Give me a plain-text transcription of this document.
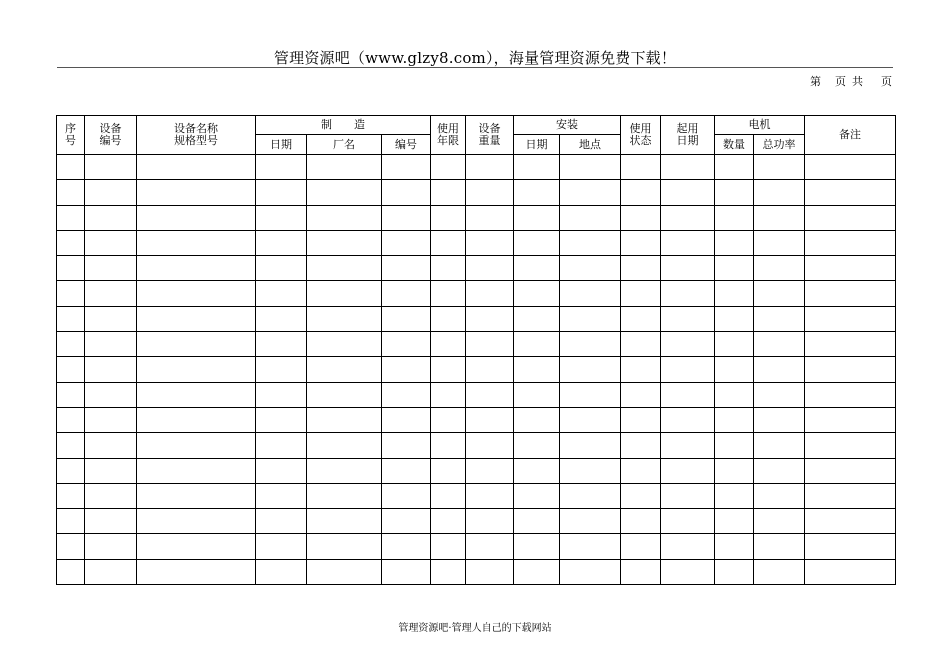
管理资源吧（www.glzy8.com），海量管理资源免费下载！
第 页 共 页
序号	设备编号	设备名称规格型号	制　　造			使用年限	设备重量	安装		使用状态	起用日期	电机		备注
			日期	厂名	编号			日期	地点			数量	总功率	

管理资源吧·管理人自己的下载网站
